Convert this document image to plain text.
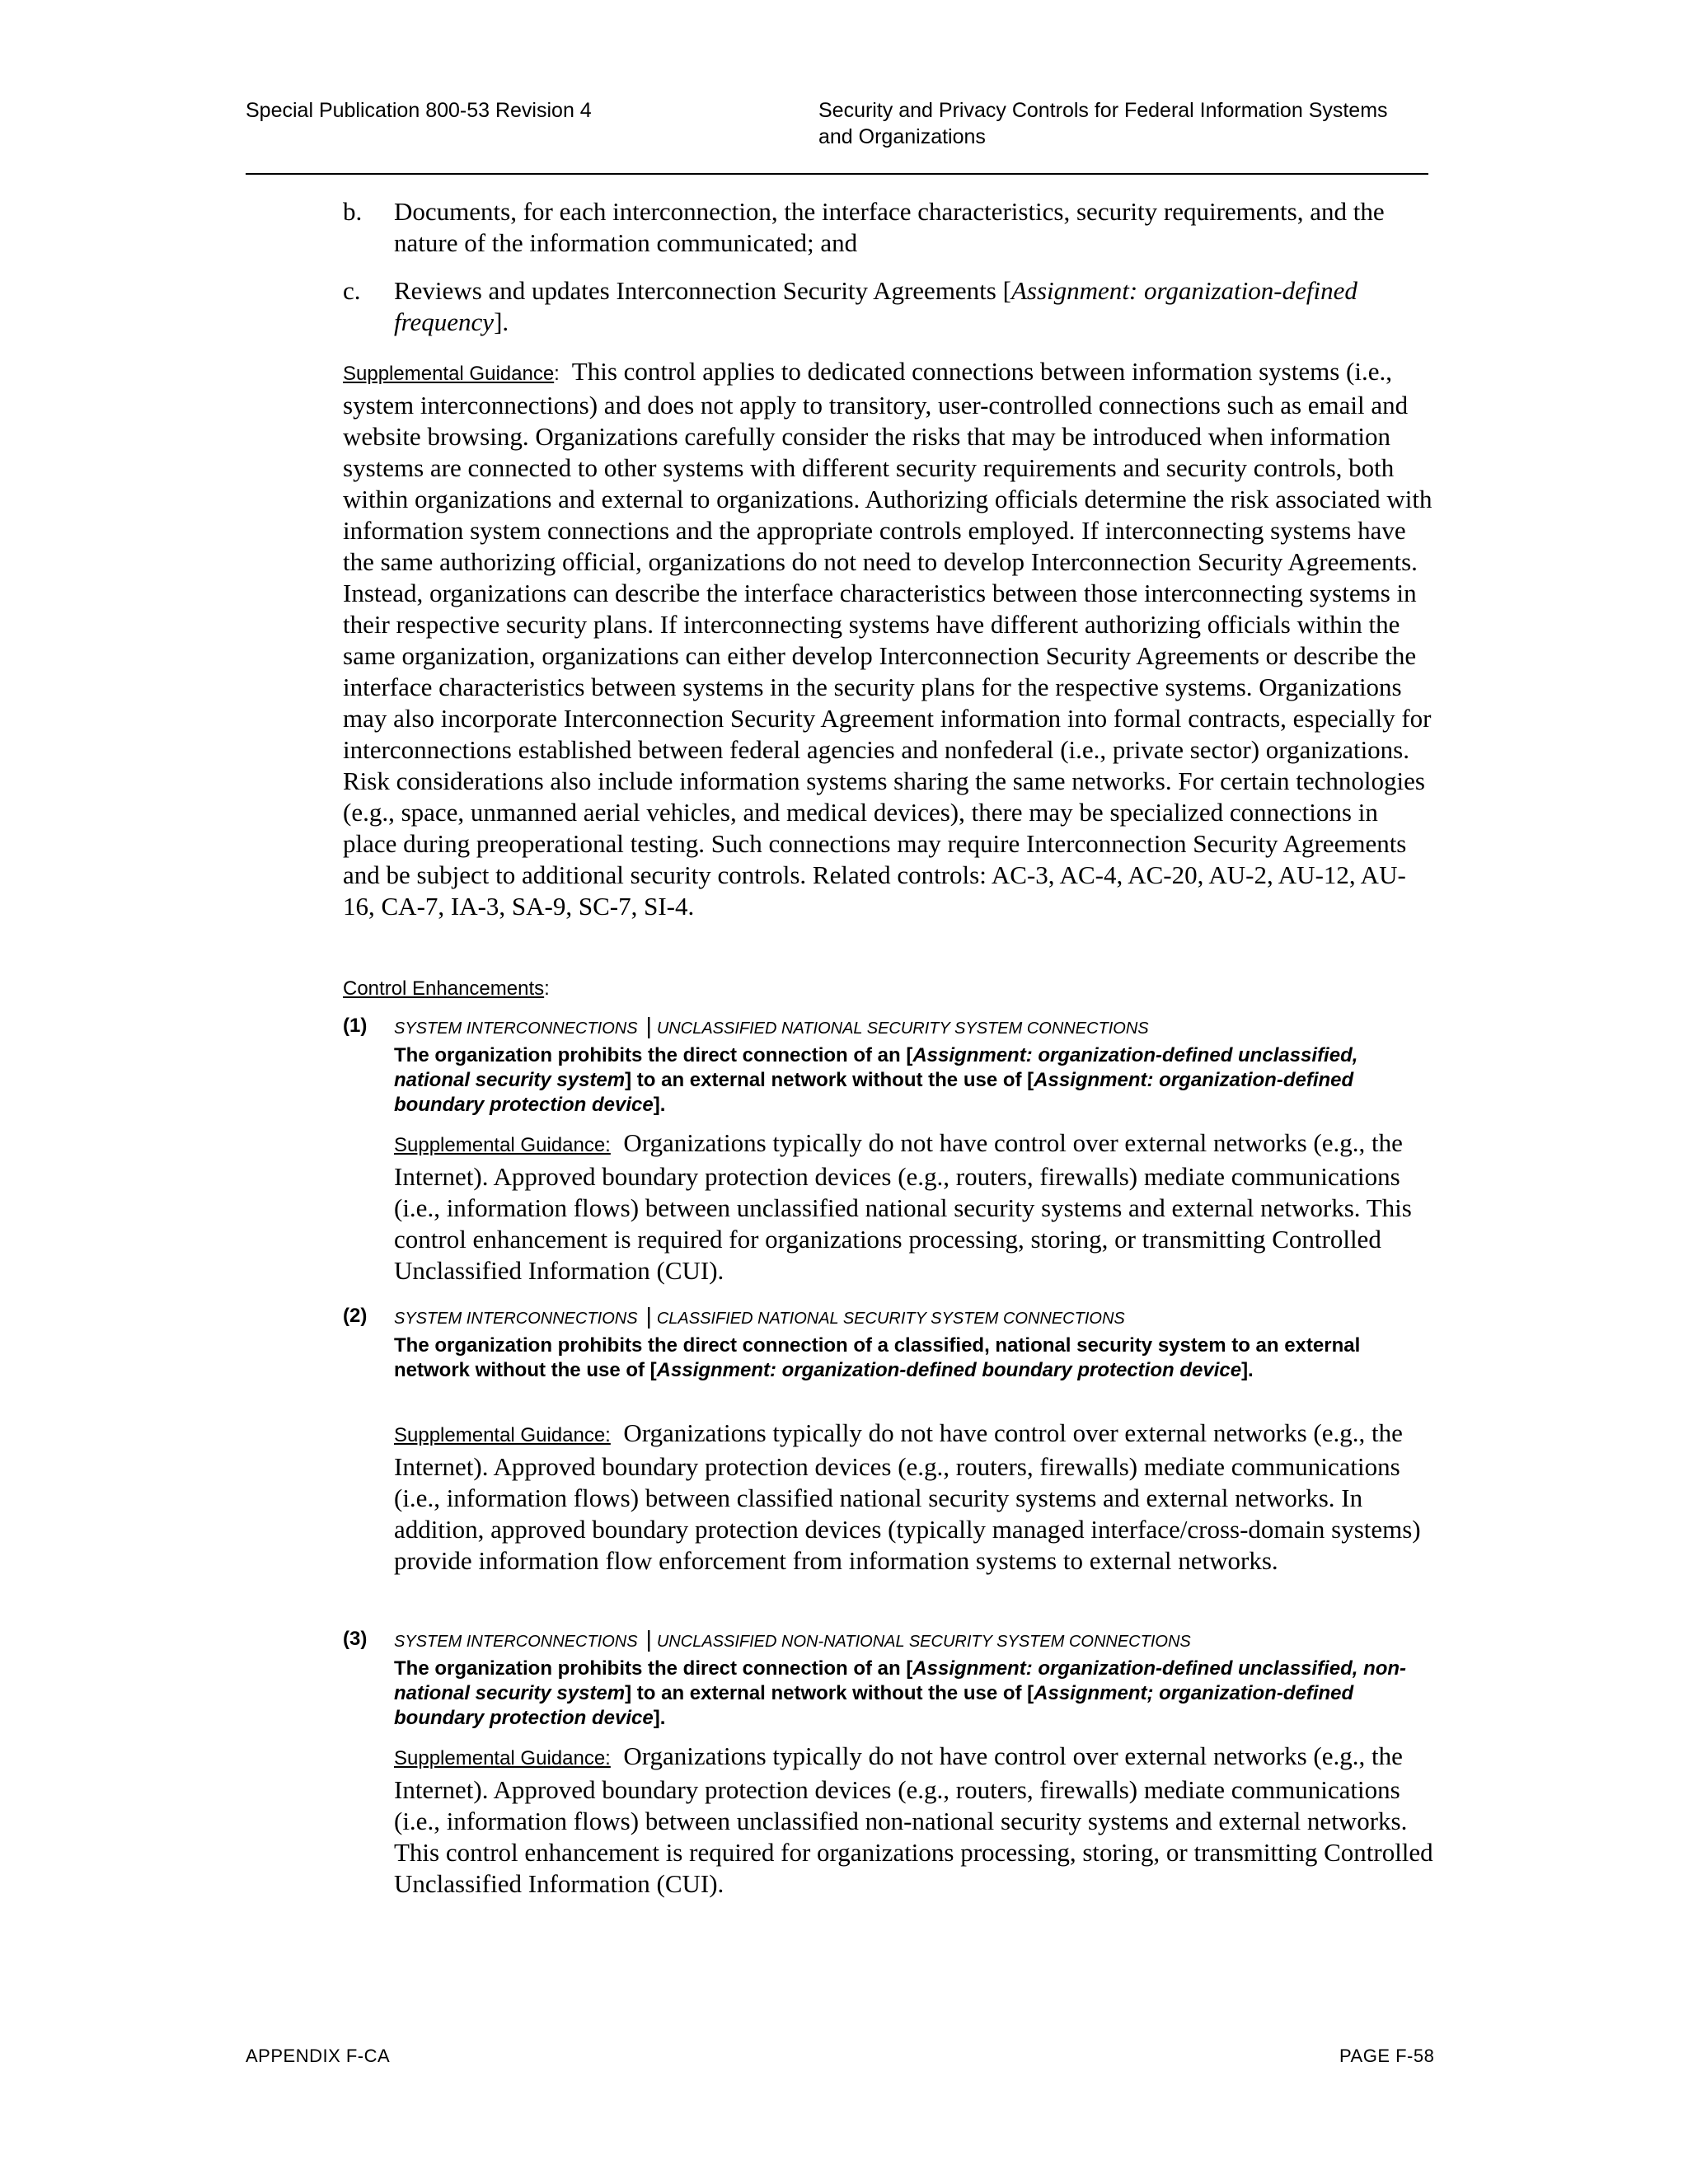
Special Publication 800-53 Revision 4	Security and Privacy Controls for Federal Information Systems
and Organizations
b. Documents, for each interconnection, the interface characteristics, security requirements, and the nature of the information communicated; and
c. Reviews and updates Interconnection Security Agreements [Assignment: organization-defined frequency].
Supplemental Guidance: This control applies to dedicated connections between information systems (i.e., system interconnections) and does not apply to transitory, user-controlled connections such as email and website browsing. Organizations carefully consider the risks that may be introduced when information systems are connected to other systems with different security requirements and security controls, both within organizations and external to organizations. Authorizing officials determine the risk associated with information system connections and the appropriate controls employed. If interconnecting systems have the same authorizing official, organizations do not need to develop Interconnection Security Agreements. Instead, organizations can describe the interface characteristics between those interconnecting systems in their respective security plans. If interconnecting systems have different authorizing officials within the same organization, organizations can either develop Interconnection Security Agreements or describe the interface characteristics between systems in the security plans for the respective systems. Organizations may also incorporate Interconnection Security Agreement information into formal contracts, especially for interconnections established between federal agencies and nonfederal (i.e., private sector) organizations. Risk considerations also include information systems sharing the same networks. For certain technologies (e.g., space, unmanned aerial vehicles, and medical devices), there may be specialized connections in place during preoperational testing. Such connections may require Interconnection Security Agreements and be subject to additional security controls. Related controls: AC-3, AC-4, AC-20, AU-2, AU-12, AU-16, CA-7, IA-3, SA-9, SC-7, SI-4.
Control Enhancements:
(1) SYSTEM INTERCONNECTIONS | UNCLASSIFIED NATIONAL SECURITY SYSTEM CONNECTIONS
The organization prohibits the direct connection of an [Assignment: organization-defined unclassified, national security system] to an external network without the use of [Assignment: organization-defined boundary protection device].
Supplemental Guidance: Organizations typically do not have control over external networks (e.g., the Internet). Approved boundary protection devices (e.g., routers, firewalls) mediate communications (i.e., information flows) between unclassified national security systems and external networks. This control enhancement is required for organizations processing, storing, or transmitting Controlled Unclassified Information (CUI).
(2) SYSTEM INTERCONNECTIONS | CLASSIFIED NATIONAL SECURITY SYSTEM CONNECTIONS
The organization prohibits the direct connection of a classified, national security system to an external network without the use of [Assignment: organization-defined boundary protection device].
Supplemental Guidance: Organizations typically do not have control over external networks (e.g., the Internet). Approved boundary protection devices (e.g., routers, firewalls) mediate communications (i.e., information flows) between classified national security systems and external networks. In addition, approved boundary protection devices (typically managed interface/cross-domain systems) provide information flow enforcement from information systems to external networks.
(3) SYSTEM INTERCONNECTIONS | UNCLASSIFIED NON-NATIONAL SECURITY SYSTEM CONNECTIONS
The organization prohibits the direct connection of an [Assignment: organization-defined unclassified, non-national security system] to an external network without the use of [Assignment; organization-defined boundary protection device].
Supplemental Guidance: Organizations typically do not have control over external networks (e.g., the Internet). Approved boundary protection devices (e.g., routers, firewalls) mediate communications (i.e., information flows) between unclassified non-national security systems and external networks. This control enhancement is required for organizations processing, storing, or transmitting Controlled Unclassified Information (CUI).
APPENDIX F-CA	PAGE F-58
